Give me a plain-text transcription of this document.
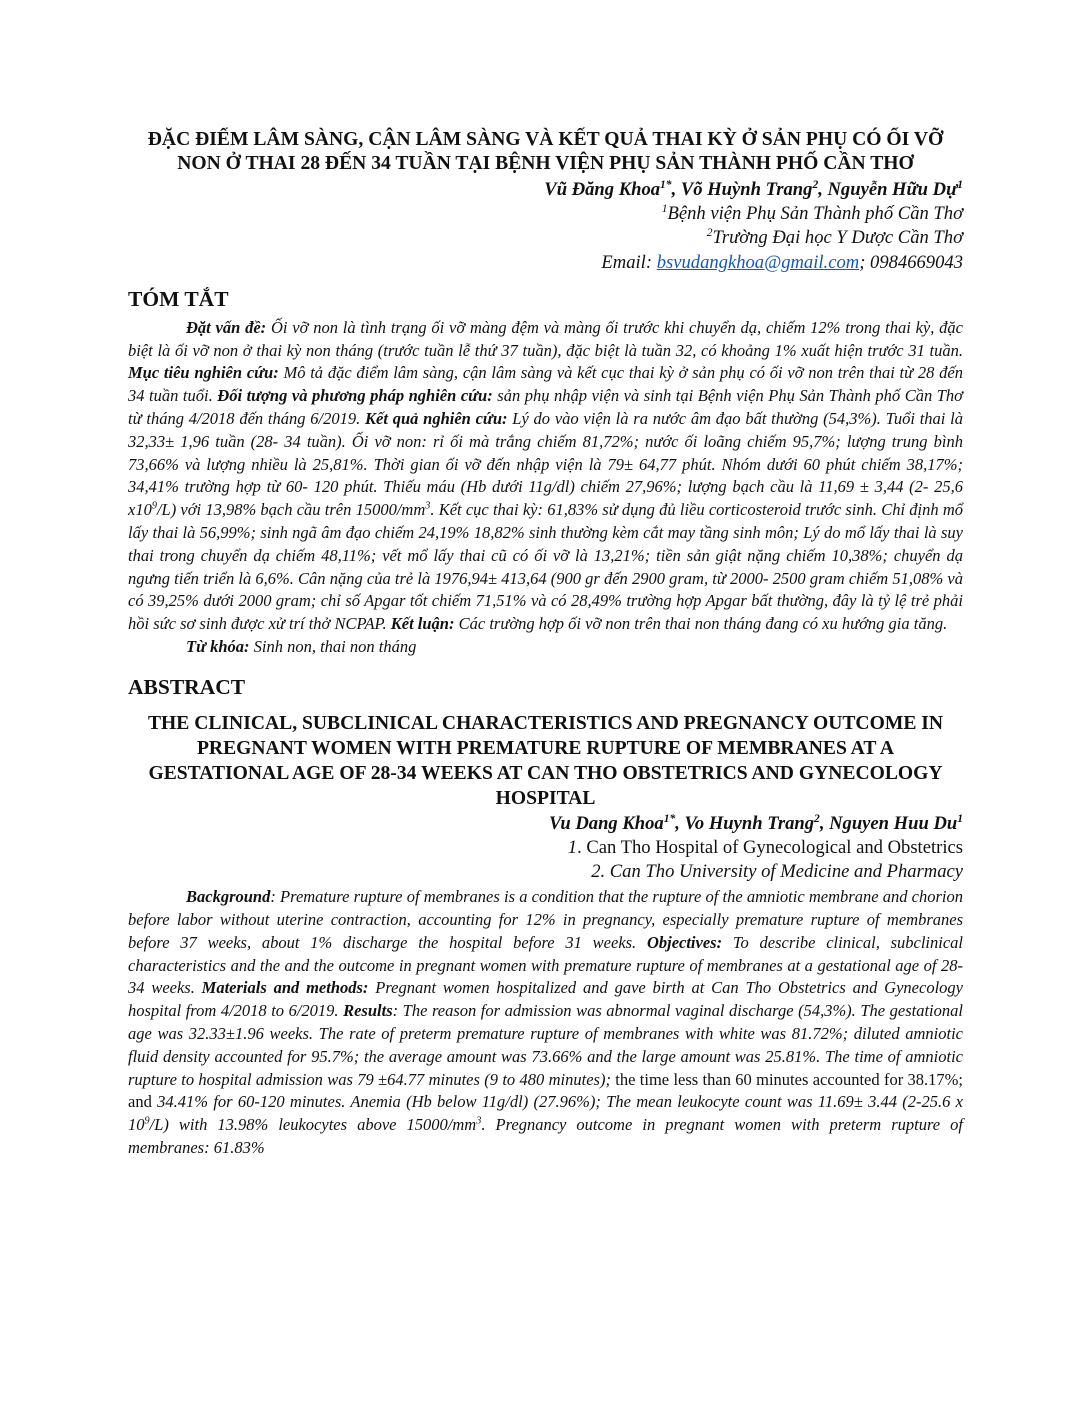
ĐẶC ĐIỂM LÂM SÀNG, CẬN LÂM SÀNG VÀ KẾT QUẢ THAI KỲ Ở SẢN PHỤ CÓ ỐI VỠ NON Ở THAI 28 ĐẾN 34 TUẦN TẠI BỆNH VIỆN PHỤ SẢN THÀNH PHỐ CẦN THƠ
Vũ Đăng Khoa$^{1*}$, Võ Huỳnh Trang$^2$, Nguyễn Hữu Dự$^1$
$^1$Bệnh viện Phụ Sản Thành phố Cần Thơ
$^2$Trường Đại học Y Dược Cần Thơ
Email: bsvudangkhoa@gmail.com; 0984669043
TÓM TẮT

Đặt vấn đề: Ối vỡ non là tình trạng ối vỡ màng đệm và màng ối trước khi chuyển dạ, chiếm 12% trong thai kỳ, đặc biệt là ối vỡ non ở thai kỳ non tháng (trước tuần lễ thứ 37 tuần), đặc biệt là tuần 32, có khoảng 1% xuất hiện trước 31 tuần. Mục tiêu nghiên cứu: Mô tả đặc điểm lâm sàng, cận lâm sàng và kết cục thai kỳ ở sản phụ có ối vỡ non trên thai từ 28 đến 34 tuần tuổi. Đối tượng và phương pháp nghiên cứu: sản phụ nhập viện và sinh tại Bệnh viện Phụ Sản Thành phố Cần Thơ từ tháng 4/2018 đến tháng 6/2019. Kết quả nghiên cứu: Lý do vào viện là ra nước âm đạo bất thường (54,3%). Tuổi thai là 32,33± 1,96 tuần (28- 34 tuần). Ối vỡ non: rỉ ối mà trắng chiếm 81,72%; nước ối loãng chiếm 95,7%; lượng trung bình 73,66% và lượng nhiều là 25,81%. Thời gian ối vỡ đến nhập viện là 79± 64,77 phút. Nhóm dưới 60 phút chiếm 38,17%; 34,41% trường hợp từ 60- 120 phút. Thiếu máu (Hb dưới 11g/dl) chiếm 27,96%; lượng bạch cầu là 11,69 ± 3,44 (2- 25,6 $x10^9/L$) với 13,98% bạch cầu trên $15000/mm^3$. Kết cục thai kỳ: 61,83% sử dụng đủ liều corticosteroid trước sinh. Chỉ định mổ lấy thai là 56,99%; sinh ngã âm đạo chiếm 24,19% 18,82% sinh thường kèm cắt may tầng sinh môn; Lý do mổ lấy thai là suy thai trong chuyển dạ chiếm 48,11%; vết mổ lấy thai cũ có ối vỡ là 13,21%; tiền sản giật nặng chiếm 10,38%; chuyển dạ ngưng tiến triển là 6,6%. Cân nặng của trẻ là 1976,94± 413,64 (900 gr đến 2900 gram, từ 2000- 2500 gram chiếm 51,08% và có 39,25% dưới 2000 gram; chỉ số Apgar tốt chiếm 71,51% và có 28,49% trường hợp Apgar bất thường, đây là tỷ lệ trẻ phải hồi sức sơ sinh được xử trí thở NCPAP. Kết luận: Các trường hợp ối vỡ non trên thai non tháng đang có xu hướng gia tăng.

Từ khóa: Sinh non, thai non tháng

ABSTRACT
THE CLINICAL, SUBCLINICAL CHARACTERISTICS AND PREGNANCY OUTCOME IN PREGNANT WOMEN WITH PREMATURE RUPTURE OF MEMBRANES AT A GESTATIONAL AGE OF 28-34 WEEKS AT CAN THO OBSTETRICS AND GYNECOLOGY HOSPITAL
Vu Dang Khoa$^{1*}$, Vo Huynh Trang$^2$, Nguyen Huu Du$^1$
1. Can Tho Hospital of Gynecological and Obstetrics
2. Can Tho University of Medicine and Pharmacy

Background: Premature rupture of membranes is a condition that the rupture of the amniotic membrane and chorion before labor without uterine contraction, accounting for 12% in pregnancy, especially premature rupture of membranes before 37 weeks, about 1% discharge the hospital before 31 weeks. Objectives: To describe clinical, subclinical characteristics and the and the outcome in pregnant women with premature rupture of membranes at a gestational age of 28-34 weeks. Materials and methods: Pregnant women hospitalized and gave birth at Can Tho Obstetrics and Gynecology hospital from 4/2018 to 6/2019. Results: The reason for admission was abnormal vaginal discharge (54,3%). The gestational age was 32.33±1.96 weeks. The rate of preterm premature rupture of membranes with white was 81.72%; diluted amniotic fluid density accounted for 95.7%; the average amount was 73.66% and the large amount was 25.81%. The time of amniotic rupture to hospital admission was 79 ±64.77 minutes (9 to 480 minutes); the time less than 60 minutes accounted for 38.17%; and 34.41% for 60-120 minutes. Anemia (Hb below 11g/dl) (27.96%); The mean leukocyte count was 11.69± 3.44 (2-25.6 x $10^9/L$) with 13.98% leukocytes above $15000/mm^3$. Pregnancy outcome in pregnant women with preterm rupture of membranes: 61.83%
